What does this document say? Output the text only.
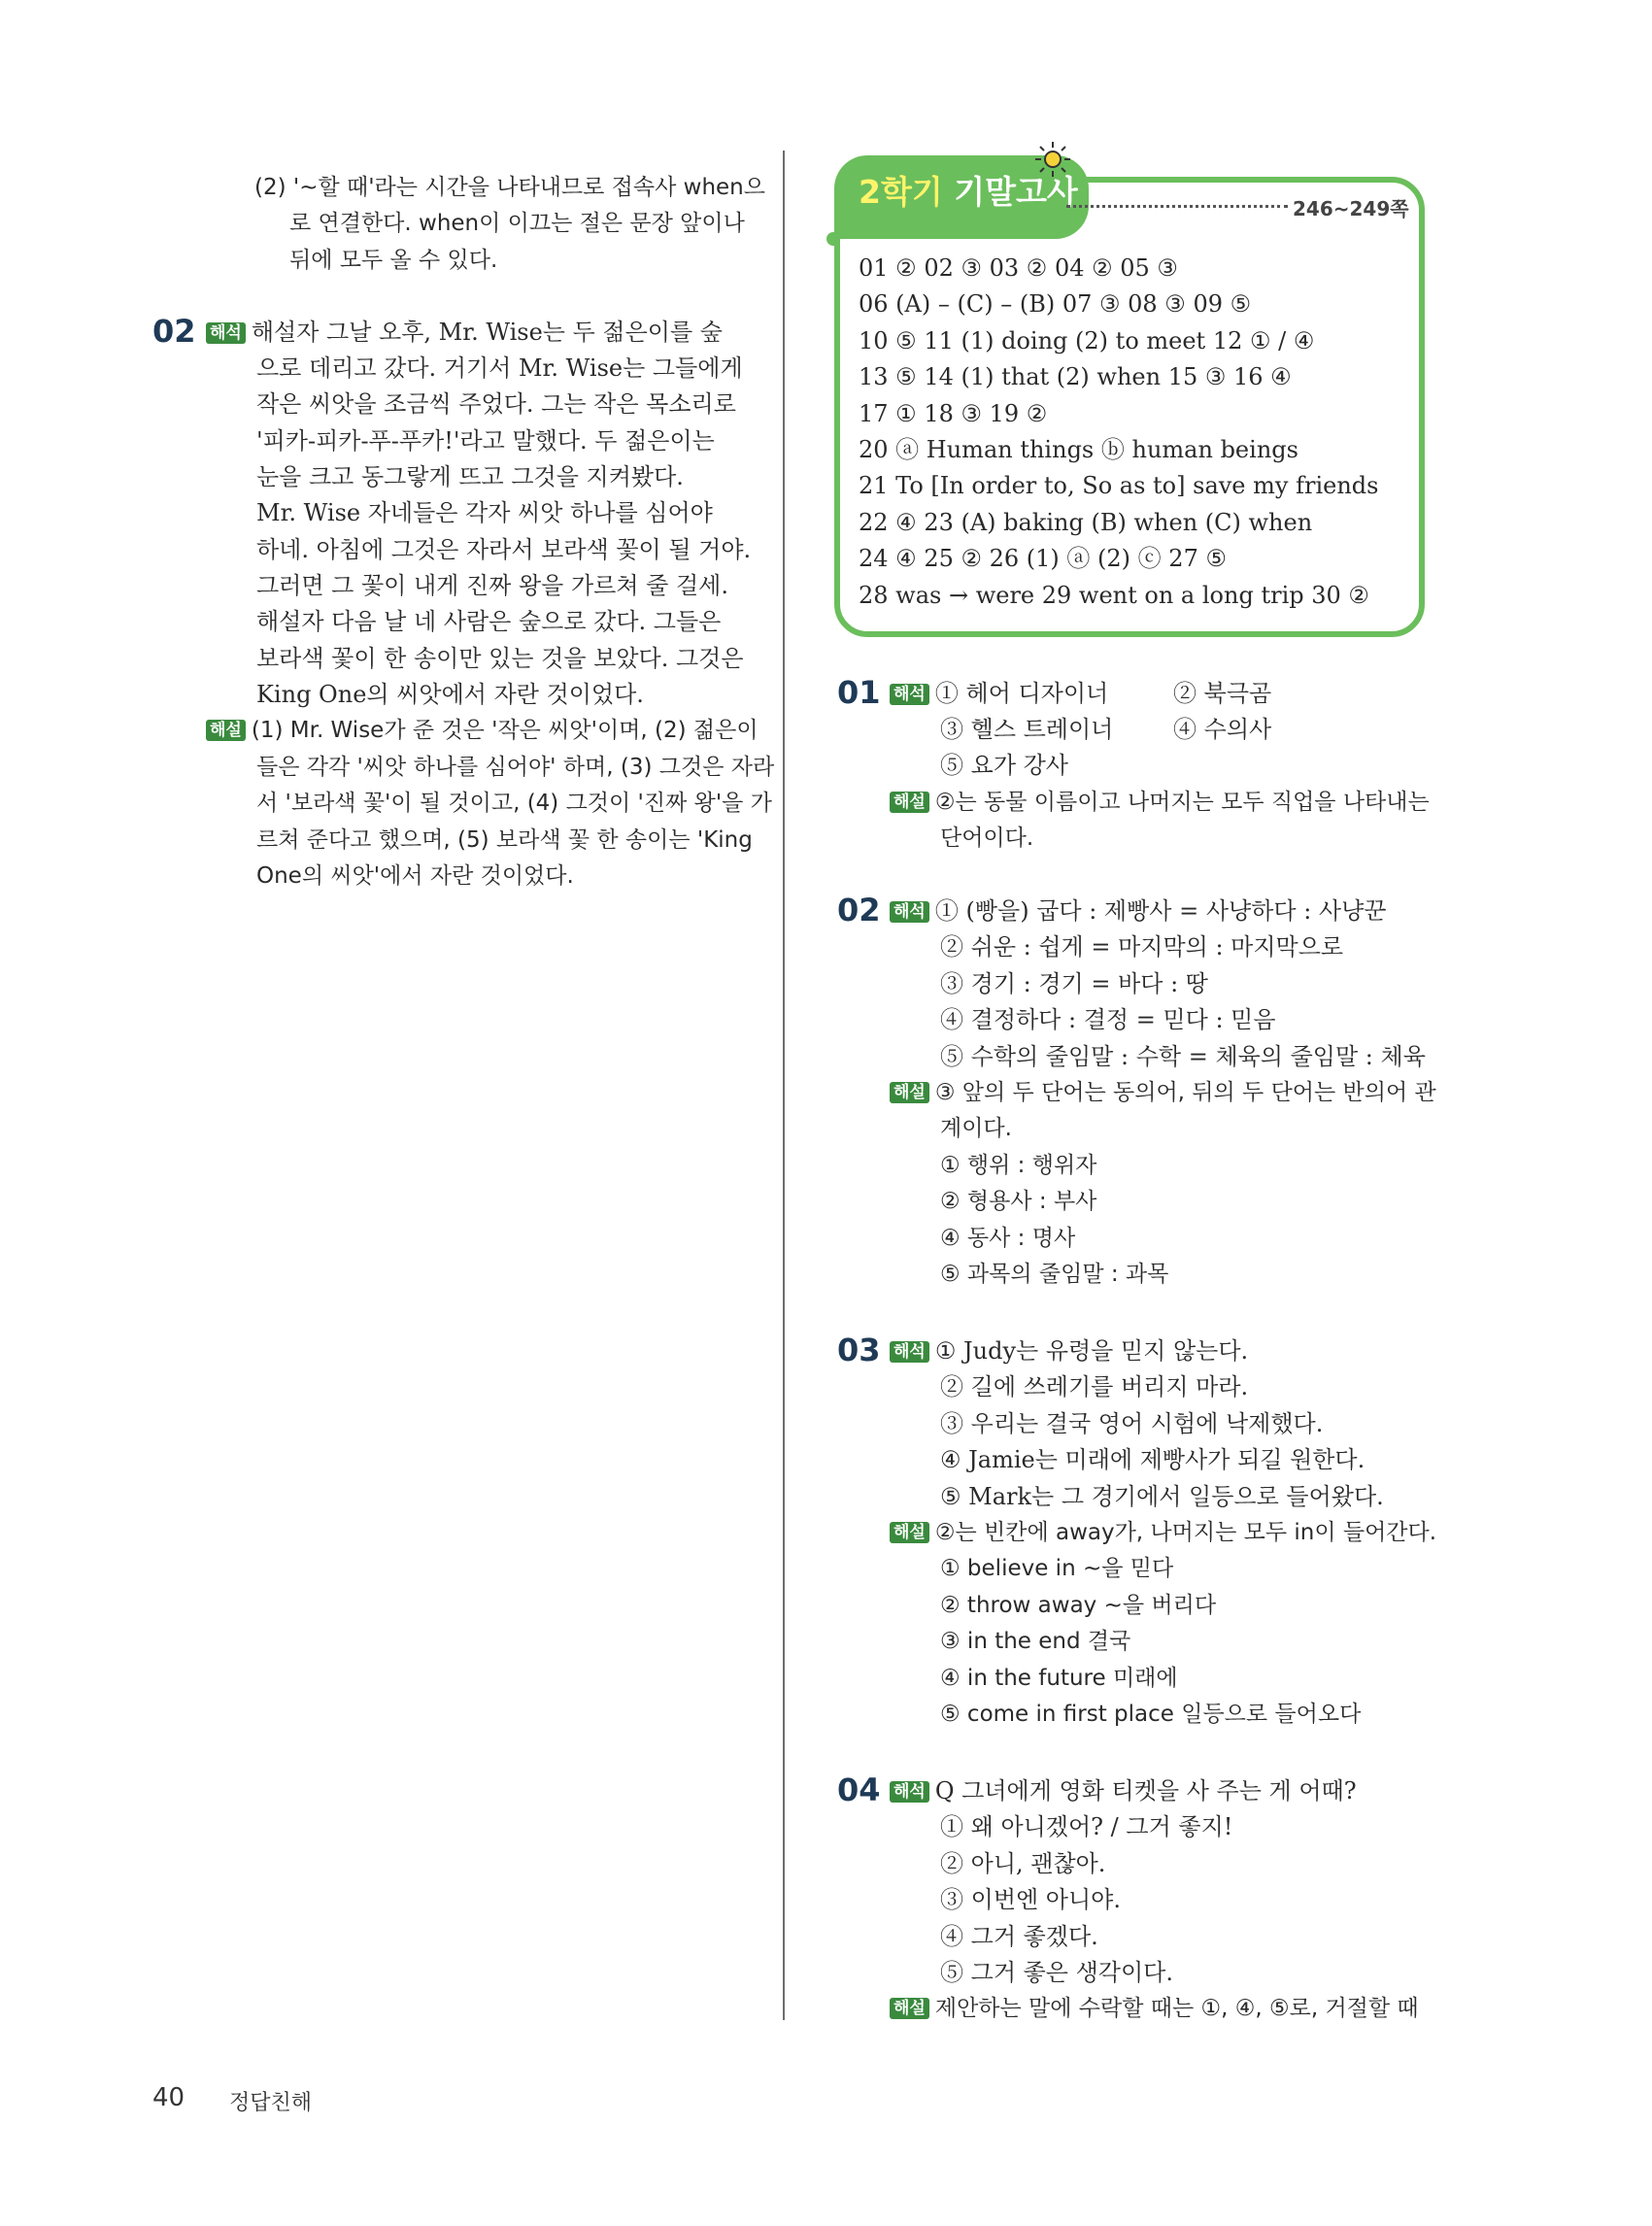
(2) '~할 때'라는 시간을 나타내므로 접속사 when으
로 연결한다. when이 이끄는 절은 문장 앞이나
뒤에 모두 올 수 있다.
02 해석 해설자 그날 오후, Mr. Wise는 두 젊은이를 숲
으로 데리고 갔다. 거기서 Mr. Wise는 그들에게
작은 씨앗을 조금씩 주었다. 그는 작은 목소리로
'피카-피카-푸-푸카!'라고 말했다. 두 젊은이는
눈을 크고 동그랗게 뜨고 그것을 지켜봤다.
Mr. Wise 자네들은 각자 씨앗 하나를 심어야
하네. 아침에 그것은 자라서 보라색 꽃이 될 거야.
그러면 그 꽃이 내게 진짜 왕을 가르쳐 줄 걸세.
해설자 다음 날 네 사람은 숲으로 갔다. 그들은
보라색 꽃이 한 송이만 있는 것을 보았다. 그것은
King One의 씨앗에서 자란 것이었다.
해설 (1) Mr. Wise가 준 것은 '작은 씨앗'이며, (2) 젊은이
들은 각각 '씨앗 하나를 심어야' 하며, (3) 그것은 자라
서 '보라색 꽃'이 될 것이고, (4) 그것이 '진짜 왕'을 가
르쳐 준다고 했으며, (5) 보라색 꽃 한 송이는 'King
One의 씨앗'에서 자란 것이었다.
2학기 기말고사	246~249쪽
01 ② 02 ③ 03 ② 04 ② 05 ③
06 (A) – (C) – (B) 07 ③ 08 ③ 09 ⑤
10 ⑤ 11 (1) doing (2) to meet 12 ① / ④
13 ⑤ 14 (1) that (2) when 15 ③ 16 ④
17 ① 18 ③ 19 ②
20 ⓐ Human things ⓑ human beings
21 To [In order to, So as to] save my friends
22 ④ 23 (A) baking (B) when (C) when
24 ④ 25 ② 26 (1) ⓐ (2) ⓒ 27 ⑤
28 was → were 29 went on a long trip 30 ②
01 해석 ① 헤어 디자이너	② 북극곰
③ 헬스 트레이너	④ 수의사
⑤ 요가 강사
해설 ②는 동물 이름이고 나머지는 모두 직업을 나타내는
단어이다.
02 해석 ① (빵을) 굽다 : 제빵사 = 사냥하다 : 사냥꾼
② 쉬운 : 쉽게 = 마지막의 : 마지막으로
③ 경기 : 경기 = 바다 : 땅
④ 결정하다 : 결정 = 믿다 : 믿음
⑤ 수학의 줄임말 : 수학 = 체육의 줄임말 : 체육
해설 ③ 앞의 두 단어는 동의어, 뒤의 두 단어는 반의어 관
계이다.
① 행위 : 행위자
② 형용사 : 부사
④ 동사 : 명사
⑤ 과목의 줄임말 : 과목
03 해석 ① Judy는 유령을 믿지 않는다.
② 길에 쓰레기를 버리지 마라.
③ 우리는 결국 영어 시험에 낙제했다.
④ Jamie는 미래에 제빵사가 되길 원한다.
⑤ Mark는 그 경기에서 일등으로 들어왔다.
해설 ②는 빈칸에 away가, 나머지는 모두 in이 들어간다.
① believe in ~을 믿다
② throw away ~을 버리다
③ in the end 결국
④ in the future 미래에
⑤ come in first place 일등으로 들어오다
04 해석 Q 그녀에게 영화 티켓을 사 주는 게 어때?
① 왜 아니겠어? / 그거 좋지!
② 아니, 괜찮아.
③ 이번엔 아니야.
④ 그거 좋겠다.
⑤ 그거 좋은 생각이다.
해설 제안하는 말에 수락할 때는 ①, ④, ⑤로, 거절할 때
40 정답친해
